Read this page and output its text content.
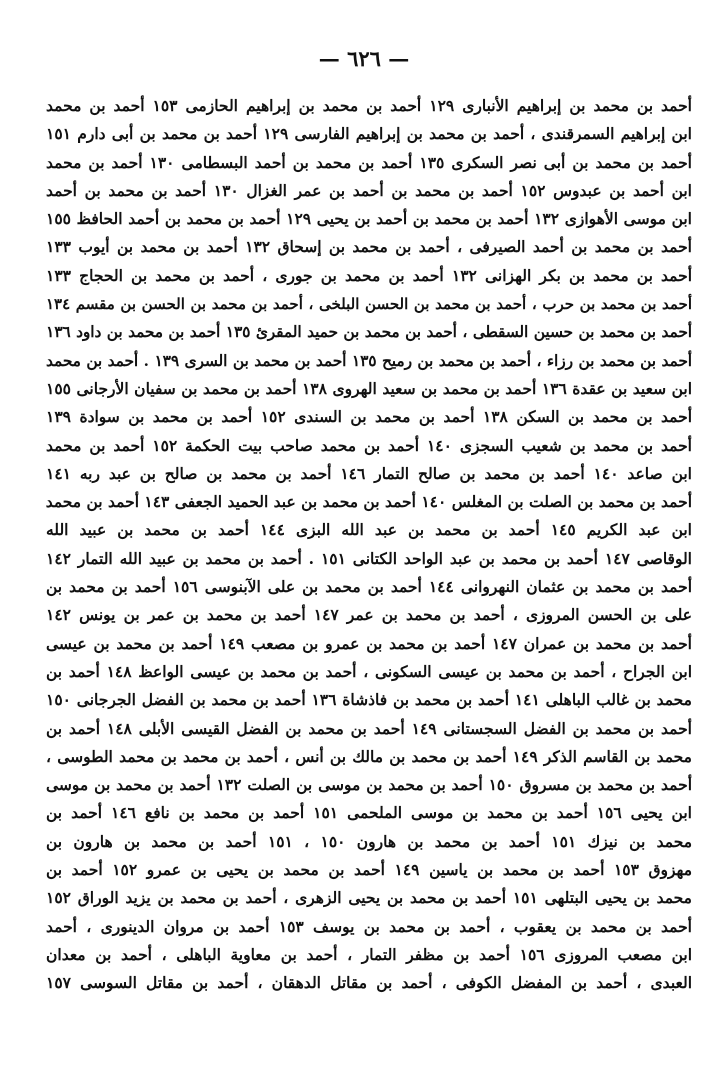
— ٦٢٦ —
أحمد بن محمد بن إبراهيم الأنبارى ١٢٩ أحمد بن محمد بن إبراهيم الحازمى ١٥٣ أحمد بن محمد
ابن إبراهيم السمرقندى ، أحمد بن محمد بن إبراهيم الفارسى ١٢٩ أحمد بن محمد بن أبى دارم ١٥١
أحمد بن محمد بن أبى نصر السكرى ١٣٥ أحمد بن محمد بن أحمد البسطامى ١٣٠ أحمد بن محمد
ابن أحمد بن عبدوس ١٥٢ أحمد بن محمد بن أحمد بن عمر الغزال ١٣٠ أحمد بن محمد بن أحمد
ابن موسى الأهوازى ١٣٢ أحمد بن محمد بن أحمد بن يحيى ١٢٩ أحمد بن محمد بن أحمد الحافظ ١٥٥
أحمد بن محمد بن أحمد الصيرفى ، أحمد بن محمد بن إسحاق ١٣٢ أحمد بن محمد بن أيوب ١٣٣
أحمد بن محمد بن بكر الهزانى ١٣٢ أحمد بن محمد بن جورى ، أحمد بن محمد بن الحجاج ١٣٣
أحمد بن محمد بن حرب ، أحمد بن محمد بن الحسن البلخى ، أحمد بن محمد بن الحسن بن مقسم ١٣٤
أحمد بن محمد بن حسين السقطى ، أحمد بن محمد بن حميد المقرئ ١٣٥ أحمد بن محمد بن داود ١٣٦
أحمد بن محمد بن رزاء ، أحمد بن محمد بن رميح ١٣٥ أحمد بن محمد بن السرى ١٣٩ . أحمد بن محمد
ابن سعيد بن عقدة ١٣٦ أحمد بن محمد بن سعيد الهروى ١٣٨ أحمد بن محمد بن سفيان الأرجانى ١٥٥
أحمد بن محمد بن السكن ١٣٨ أحمد بن محمد بن السندى ١٥٢ أحمد بن محمد بن سوادة ١٣٩
أحمد بن محمد بن شعيب السجزى ١٤٠ أحمد بن محمد صاحب بيت الحكمة ١٥٢ أحمد بن محمد
ابن صاعد ١٤٠ أحمد بن محمد بن صالح التمار ١٤٦ أحمد بن محمد بن صالح بن عبد ربه ١٤١
أحمد بن محمد بن الصلت بن المغلس ١٤٠ أحمد بن محمد بن عبد الحميد الجعفى ١٤٣ أحمد بن محمد
ابن عبد الكريم ١٤٥ أحمد بن محمد بن عبد الله البزى ١٤٤ أحمد بن محمد بن عبيد الله
الوقاصى ١٤٧ أحمد بن محمد بن عبد الواحد الكتانى ١٥١ . أحمد بن محمد بن عبيد الله التمار ١٤٢
أحمد بن محمد بن عثمان النهروانى ١٤٤ أحمد بن محمد بن على الآبنوسى ١٥٦ أحمد بن محمد بن
على بن الحسن المروزى ، أحمد بن محمد بن عمر ١٤٧ أحمد بن محمد بن عمر بن يونس ١٤٢
أحمد بن محمد بن عمران ١٤٧ أحمد بن محمد بن عمرو بن مصعب ١٤٩ أحمد بن محمد بن عيسى
ابن الجراح ، أحمد بن محمد بن عيسى السكونى ، أحمد بن محمد بن عيسى الواعظ ١٤٨ أحمد بن
محمد بن غالب الباهلى ١٤١ أحمد بن محمد بن فاذشاة ١٣٦ أحمد بن محمد بن الفضل الجرجانى ١٥٠
أحمد بن محمد بن الفضل السجستانى ١٤٩ أحمد بن محمد بن الفضل القيسى الأبلى ١٤٨ أحمد بن
محمد بن القاسم الذكر ١٤٩ أحمد بن محمد بن مالك بن أنس ، أحمد بن محمد بن محمد الطوسى ،
أحمد بن محمد بن مسروق ١٥٠ أحمد بن محمد بن موسى بن الصلت ١٣٢ أحمد بن محمد بن موسى
ابن يحيى ١٥٦ أحمد بن محمد بن موسى الملحمى ١٥١ أحمد بن محمد بن نافع ١٤٦ أحمد بن
محمد بن نيزك ١٥١ أحمد بن محمد بن هارون ١٥٠ ، ١٥١ أحمد بن محمد بن هارون بن
مهزوق ١٥٣ أحمد بن محمد بن ياسين ١٤٩ أحمد بن محمد بن يحيى بن عمرو ١٥٢ أحمد بن
محمد بن يحيى البتلهى ١٥١ أحمد بن محمد بن يحيى الزهرى ، أحمد بن محمد بن يزيد الوراق ١٥٢
أحمد بن محمد بن يعقوب ، أحمد بن محمد بن يوسف ١٥٣ أحمد بن مروان الدينورى ، أحمد
ابن مصعب المروزى ١٥٦ أحمد بن مظفر التمار ، أحمد بن معاوية الباهلى ، أحمد بن معدان
العبدى ، أحمد بن المفضل الكوفى ، أحمد بن مقاتل الدهقان ، أحمد بن مقاتل السوسى ١٥٧
